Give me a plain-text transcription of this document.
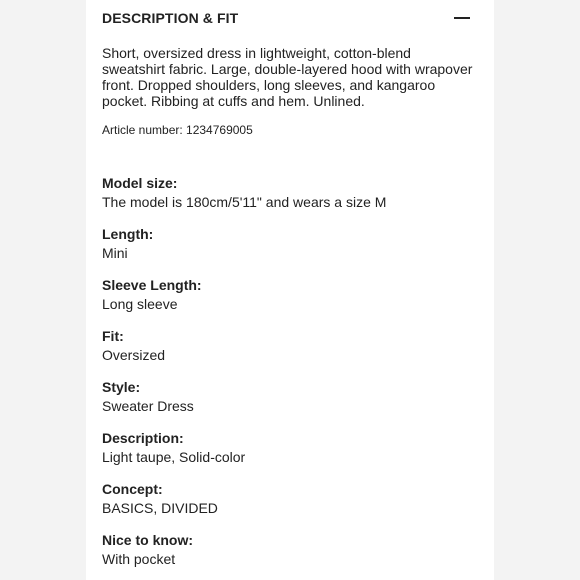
DESCRIPTION & FIT

Short, oversized dress in lightweight, cotton-blend sweatshirt fabric. Large, double-layered hood with wrapover front. Dropped shoulders, long sleeves, and kangaroo pocket. Ribbing at cuffs and hem. Unlined.

Article number: 1234769005
Model size:
The model is 180cm/5'11" and wears a size M
Length:
Mini
Sleeve Length:
Long sleeve
Fit:
Oversized
Style:
Sweater Dress
Description:
Light taupe, Solid-color
Concept:
BASICS, DIVIDED
Nice to know:
With pocket
